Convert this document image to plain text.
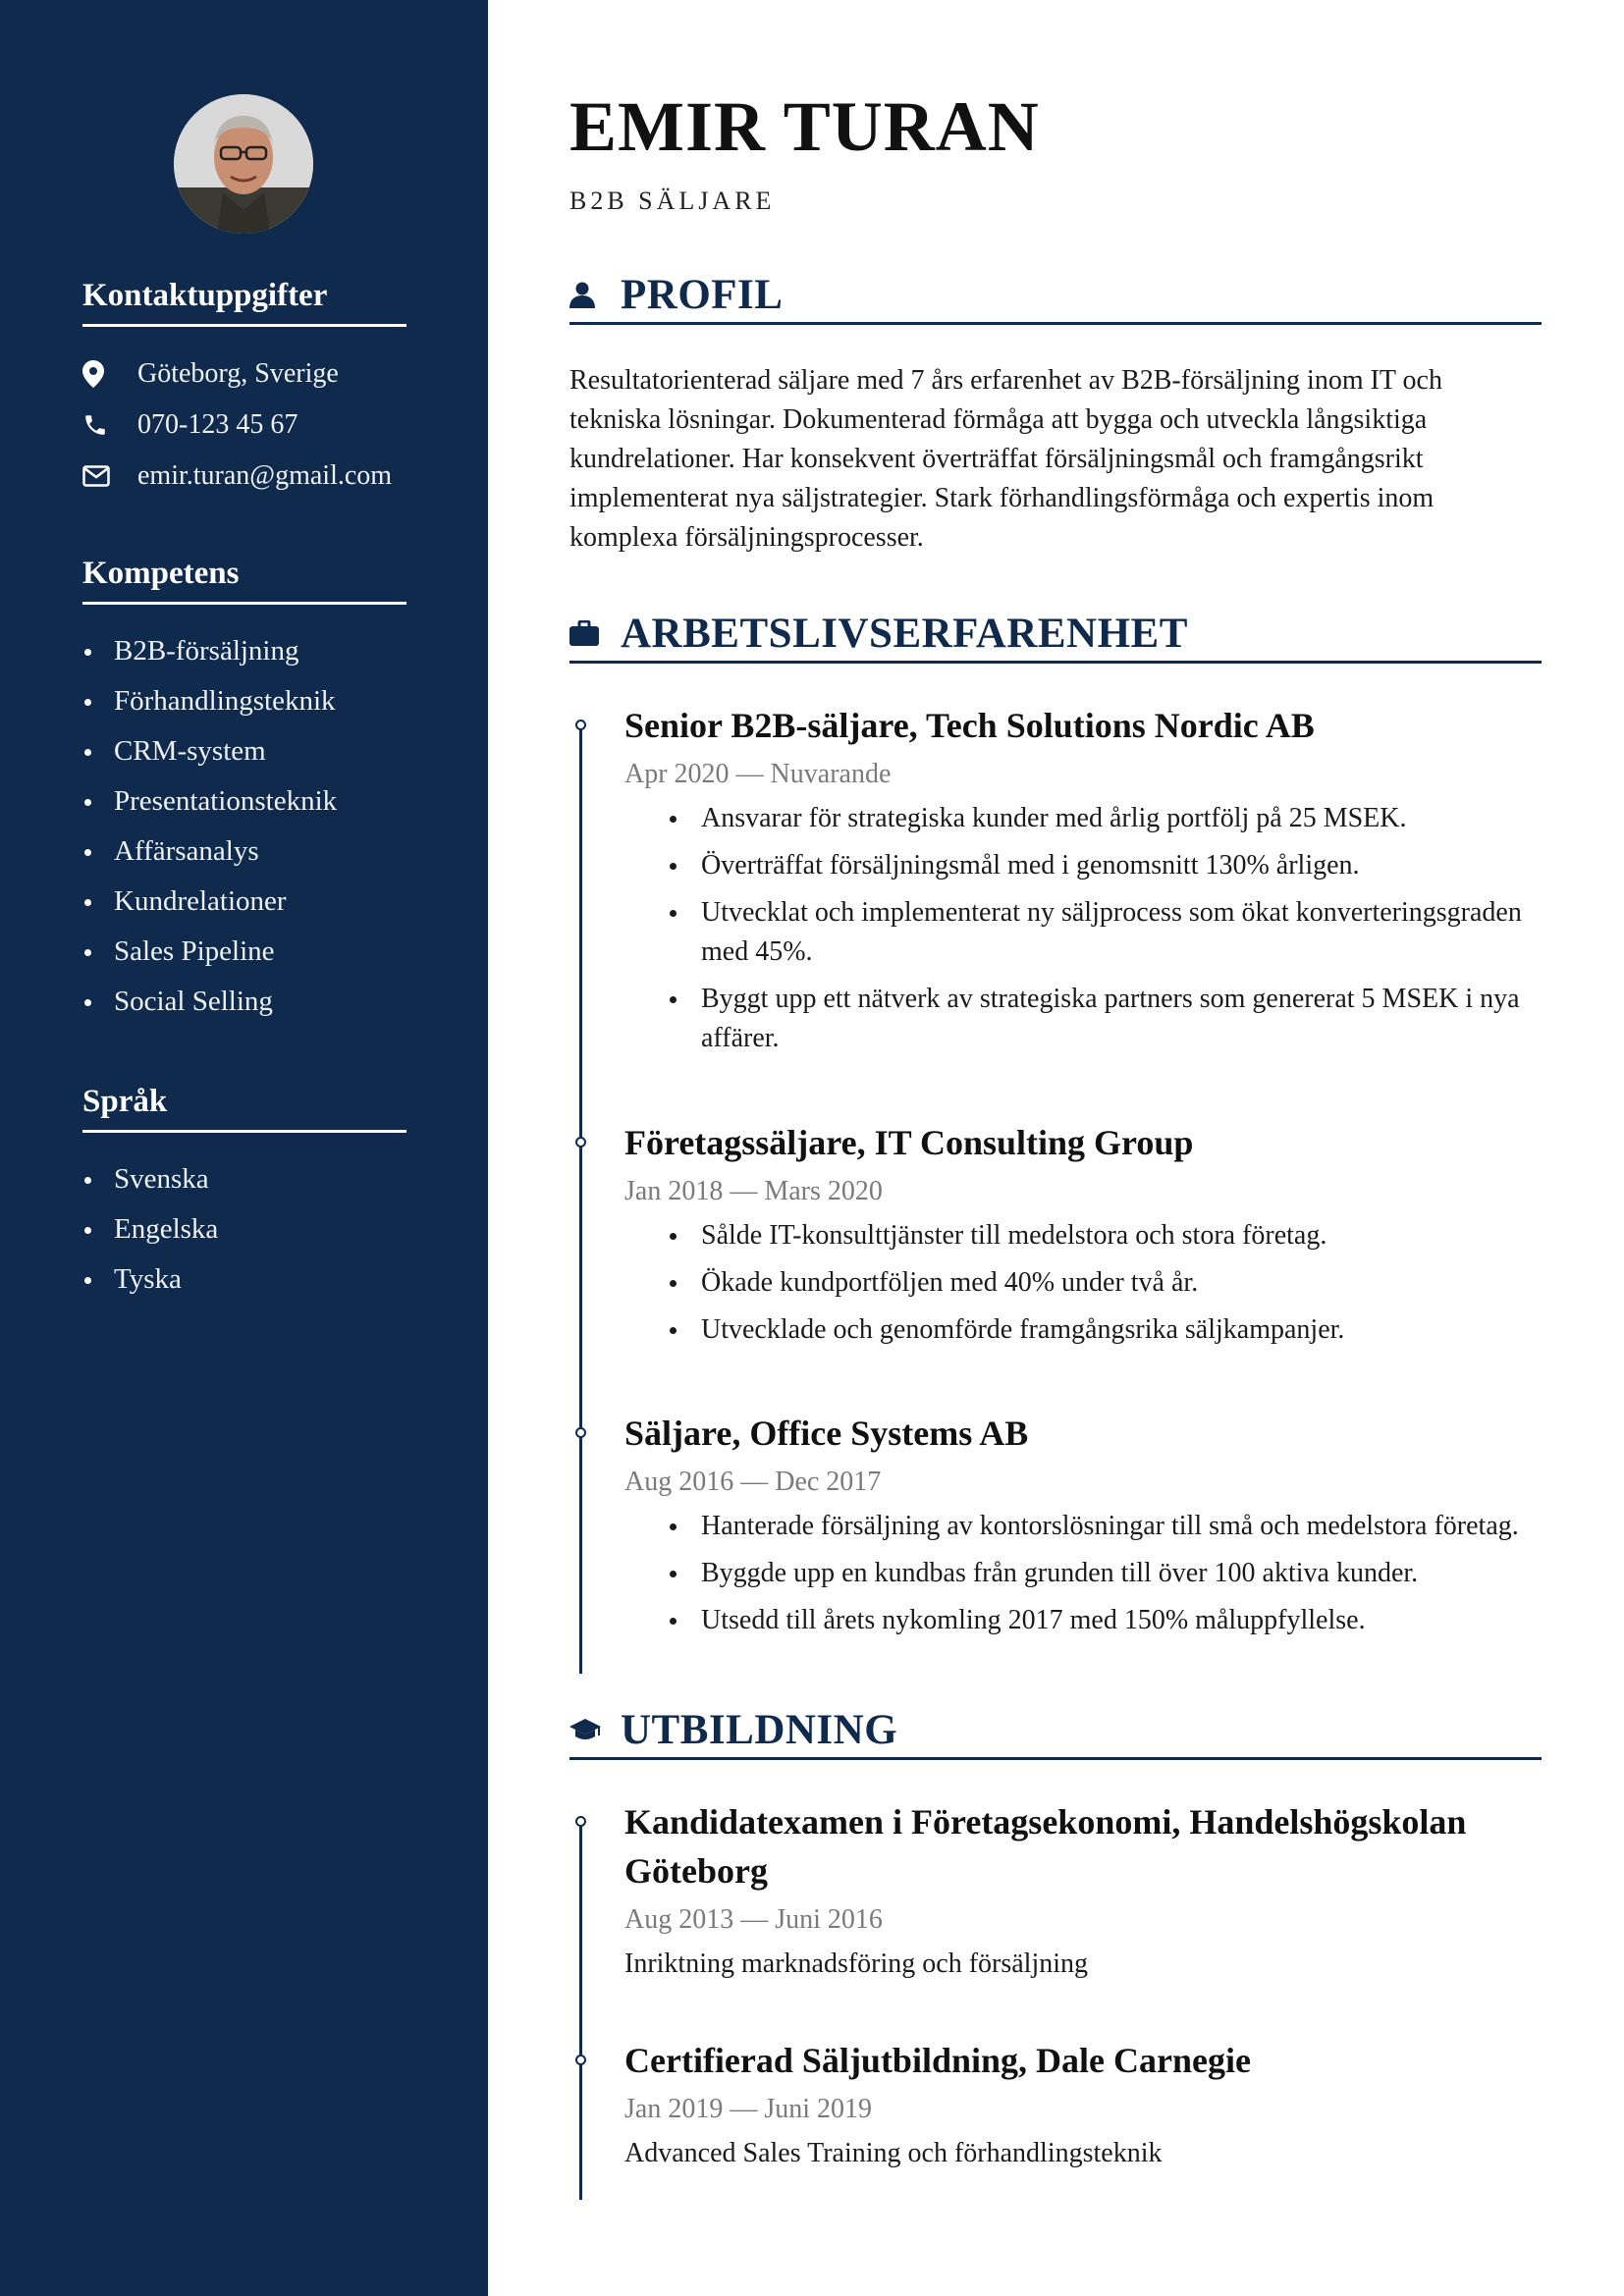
Kontaktuppgifter
Göteborg, Sverige
070-123 45 67
emir.turan@gmail.com
Kompetens
B2B-försäljning
Förhandlingsteknik
CRM-system
Presentationsteknik
Affärsanalys
Kundrelationer
Sales Pipeline
Social Selling
Språk
Svenska
Engelska
Tyska
EMIR TURAN
B2B SÄLJARE
PROFIL

Resultatorienterad säljare med 7 års erfarenhet av B2B-försäljning inom IT och tekniska lösningar. Dokumenterad förmåga att bygga och utveckla långsiktiga kundrelationer. Har konsekvent överträffat försäljningsmål och framgångsrikt implementerat nya säljstrategier. Stark förhandlingsförmåga och expertis inom komplexa försäljningsprocesser.

ARBETSLIVSERFARENHET
Senior B2B-säljare, Tech Solutions Nordic AB
Apr 2020 — Nuvarande
Ansvarar för strategiska kunder med årlig portfölj på 25 MSEK.
Överträffat försäljningsmål med i genomsnitt 130% årligen.
Utvecklat och implementerat ny säljprocess som ökat konverteringsgraden med 45%.
Byggt upp ett nätverk av strategiska partners som genererat 5 MSEK i nya affärer.
Företagssäljare, IT Consulting Group
Jan 2018 — Mars 2020
Sålde IT-konsulttjänster till medelstora och stora företag.
Ökade kundportföljen med 40% under två år.
Utvecklade och genomförde framgångsrika säljkampanjer.
Säljare, Office Systems AB
Aug 2016 — Dec 2017
Hanterade försäljning av kontorslösningar till små och medelstora företag.
Byggde upp en kundbas från grunden till över 100 aktiva kunder.
Utsedd till årets nykomling 2017 med 150% måluppfyllelse.
UTBILDNING
Kandidatexamen i Företagsekonomi, Handelshögskolan Göteborg
Aug 2013 — Juni 2016
Inriktning marknadsföring och försäljning
Certifierad Säljutbildning, Dale Carnegie
Jan 2019 — Juni 2019
Advanced Sales Training och förhandlingsteknik
